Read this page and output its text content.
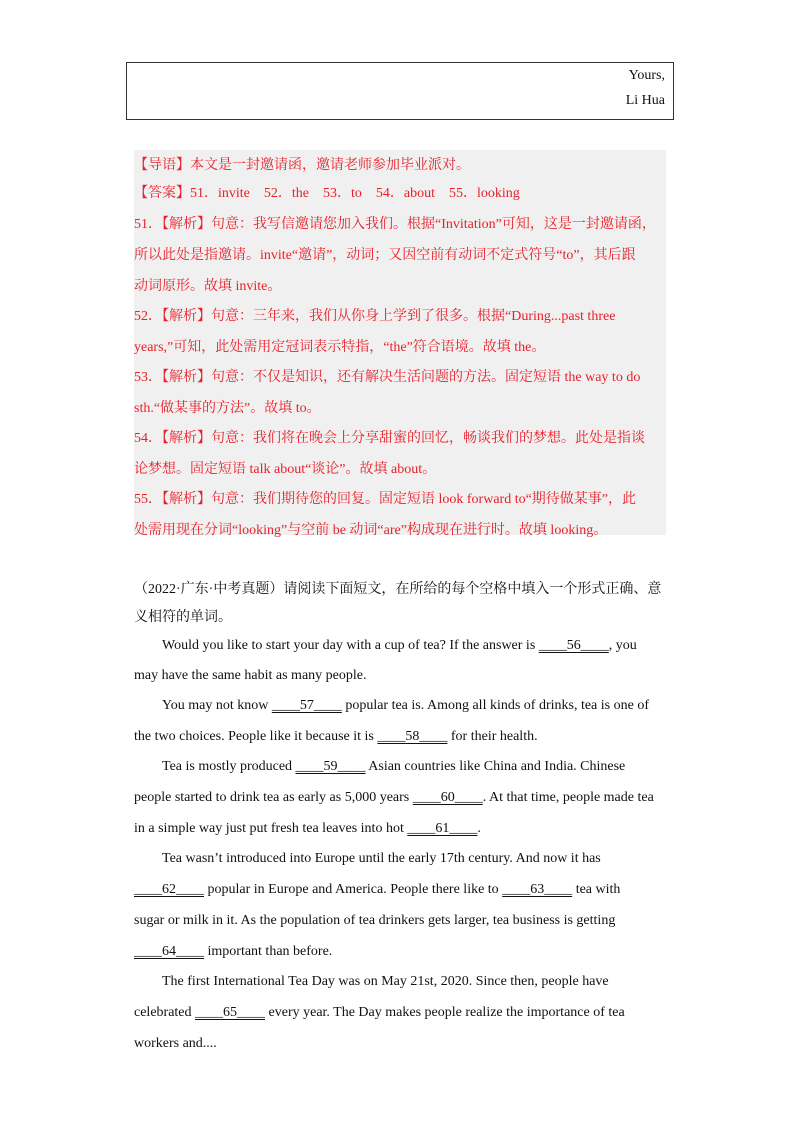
Yours,
Li Hua
【导语】本文是一封邀请函，邀请老师参加毕业派对。
【答案】51．invite　52．the　53．to　54．about　55．looking
51．【解析】句意：我写信邀请您加入我们。根据“Invitation”可知，这是一封邀请函，
所以此处是指邀请。invite“邀请”，动词；又因空前有动词不定式符号“to”，其后跟
动词原形。故填 invite。
52．【解析】句意：三年来，我们从你身上学到了很多。根据“During...past three
years,”可知，此处需用定冠词表示特指，“the”符合语境。故填 the。
53．【解析】句意：不仅是知识，还有解决生活问题的方法。固定短语 the way to do
sth.“做某事的方法”。故填 to。
54．【解析】句意：我们将在晚会上分享甜蜜的回忆，畅谈我们的梦想。此处是指谈
论梦想。固定短语 talk about“谈论”。故填 about。
55．【解析】句意：我们期待您的回复。固定短语 look forward to“期待做某事”，此
处需用现在分词“looking”与空前 be 动词“are”构成现在进行时。故填 looking。
（2022·广东·中考真题）请阅读下面短文，在所给的每个空格中填入一个形式正确、意
义相符的单词。
Would you like to start your day with a cup of tea? If the answer is ____56____, you
may have the same habit as many people.
You may not know ____57____ popular tea is. Among all kinds of drinks, tea is one of
the two choices. People like it because it is ____58____ for their health.
Tea is mostly produced ____59____ Asian countries like China and India. Chinese
people started to drink tea as early as 5,000 years ____60____. At that time, people made tea
in a simple way just put fresh tea leaves into hot ____61____.
Tea wasn’t introduced into Europe until the early 17th century. And now it has
____62____ popular in Europe and America. People there like to ____63____ tea with
sugar or milk in it. As the population of tea drinkers gets larger, tea business is getting
____64____ important than before.
The first International Tea Day was on May 21st, 2020. Since then, people have
celebrated ____65____ every year. The Day makes people realize the importance of tea
workers and....
